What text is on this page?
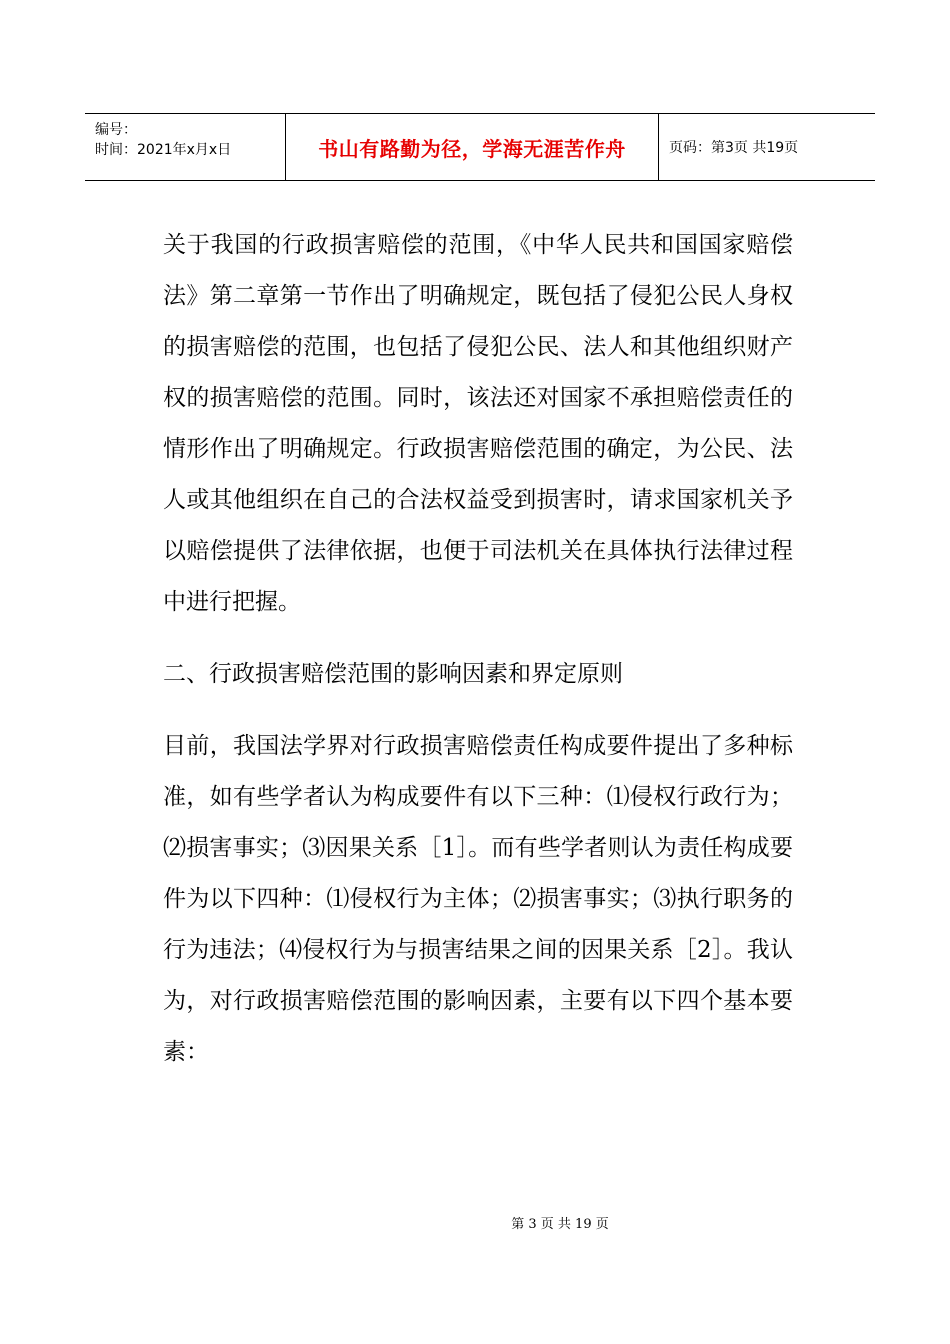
编号：
时间：2021年x月x日	书山有路勤为径，学海无涯苦作舟	页码：第3页 共19页

关于我国的行政损害赔偿的范围，《中华人民共和国国家赔偿法》第二章第一节作出了明确规定，既包括了侵犯公民人身权的损害赔偿的范围，也包括了侵犯公民、法人和其他组织财产权的损害赔偿的范围。同时，该法还对国家不承担赔偿责任的情形作出了明确规定。行政损害赔偿范围的确定，为公民、法人或其他组织在自己的合法权益受到损害时，请求国家机关予以赔偿提供了法律依据，也便于司法机关在具体执行法律过程中进行把握。

二、行政损害赔偿范围的影响因素和界定原则

目前，我国法学界对行政损害赔偿责任构成要件提出了多种标准，如有些学者认为构成要件有以下三种：⑴侵权行政行为；⑵损害事实；⑶因果关系［1］。而有些学者则认为责任构成要件为以下四种：⑴侵权行为主体；⑵损害事实；⑶执行职务的行为违法；⑷侵权行为与损害结果之间的因果关系［2］。我认为，对行政损害赔偿范围的影响因素，主要有以下四个基本要素：

第 3 页 共 19 页
